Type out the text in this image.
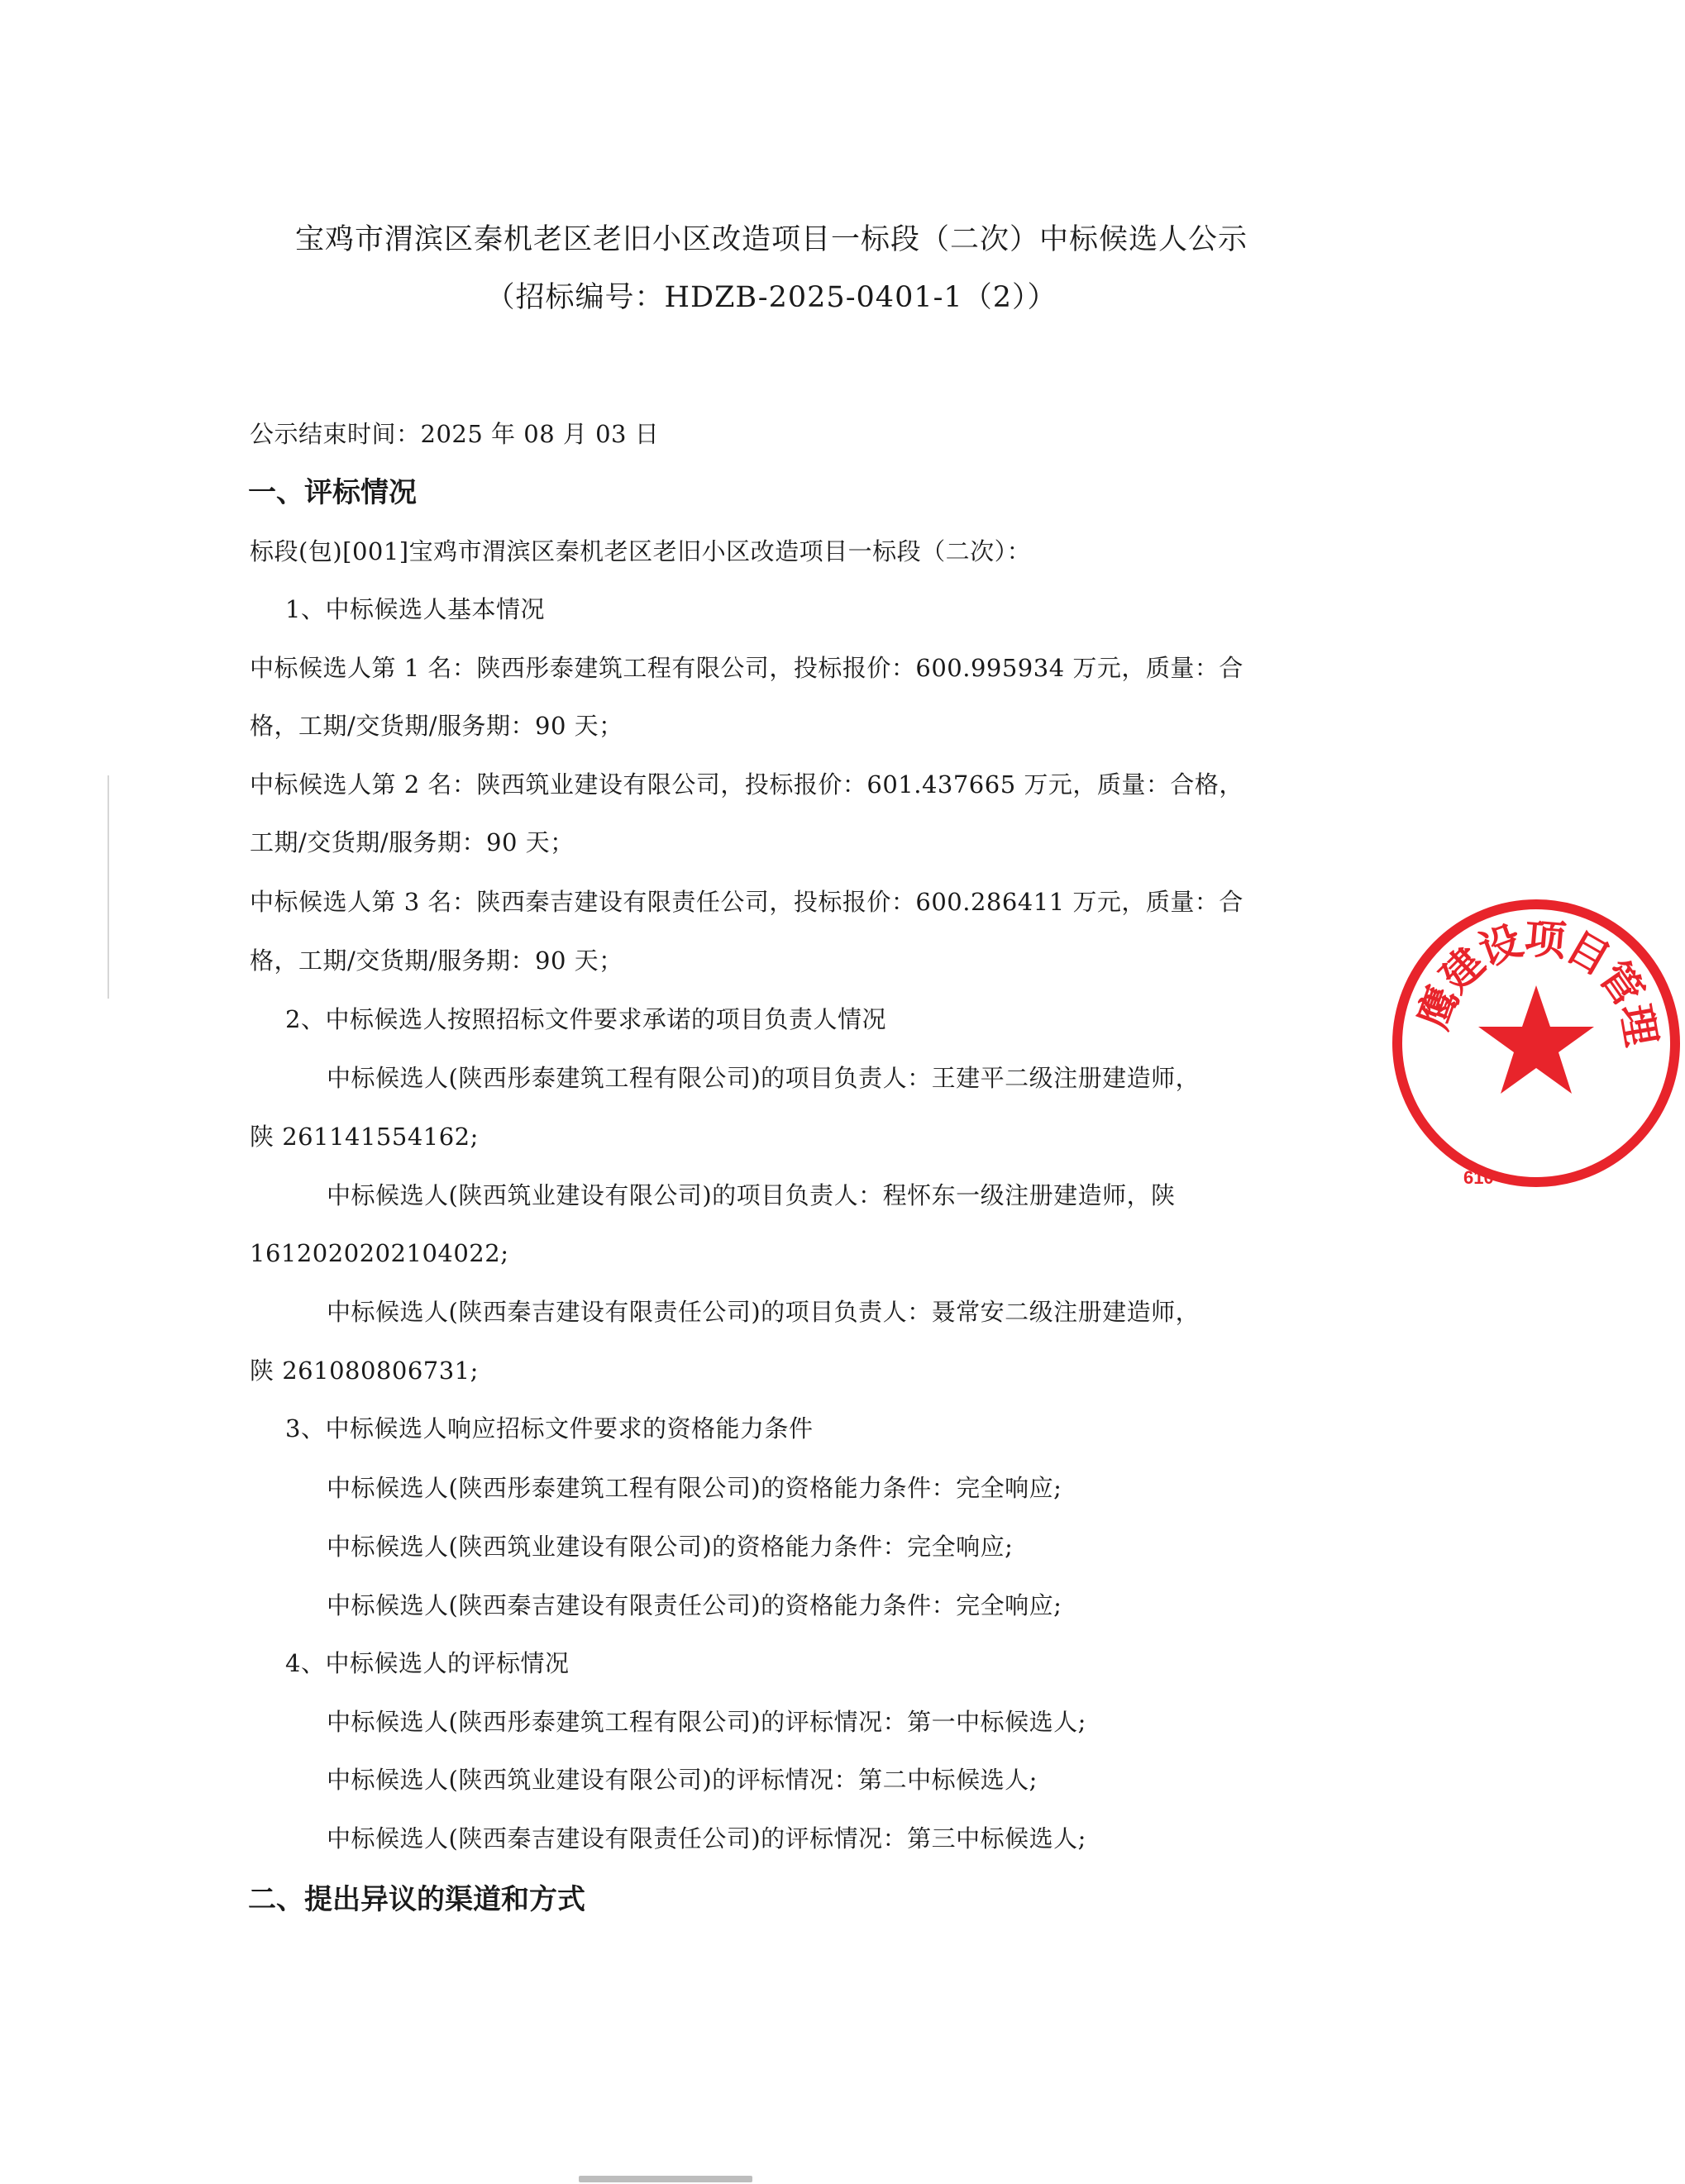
宝鸡市渭滨区秦机老区老旧小区改造项目一标段（二次）中标候选人公示
（招标编号：HDZB-2025-0401-1（2））
公示结束时间：2025 年 08 月 03 日
一、评标情况
标段(包)[001]宝鸡市渭滨区秦机老区老旧小区改造项目一标段（二次）：
1、中标候选人基本情况
中标候选人第 1 名：陕西彤泰建筑工程有限公司，投标报价：600.995934 万元，质量：合
格，工期/交货期/服务期：90 天；
中标候选人第 2 名：陕西筑业建设有限公司，投标报价：601.437665 万元，质量：合格，
工期/交货期/服务期：90 天；
中标候选人第 3 名：陕西秦吉建设有限责任公司，投标报价：600.286411 万元，质量：合
格，工期/交货期/服务期：90 天；
2、中标候选人按照招标文件要求承诺的项目负责人情况
中标候选人(陕西彤泰建筑工程有限公司)的项目负责人：王建平二级注册建造师，
陕 261141554162;
中标候选人(陕西筑业建设有限公司)的项目负责人：程怀东一级注册建造师，陕
1612020202104022;
中标候选人(陕西秦吉建设有限责任公司)的项目负责人：聂常安二级注册建造师，
陕 261080806731;
3、中标候选人响应招标文件要求的资格能力条件
中标候选人(陕西彤泰建筑工程有限公司)的资格能力条件：完全响应;
中标候选人(陕西筑业建设有限公司)的资格能力条件：完全响应;
中标候选人(陕西秦吉建设有限责任公司)的资格能力条件：完全响应;
4、中标候选人的评标情况
中标候选人(陕西彤泰建筑工程有限公司)的评标情况：第一中标候选人;
中标候选人(陕西筑业建设有限公司)的评标情况：第二中标候选人;
中标候选人(陕西秦吉建设有限责任公司)的评标情况：第三中标候选人;
二、提出异议的渠道和方式
鹰
建
设
项
目
管
理
610
